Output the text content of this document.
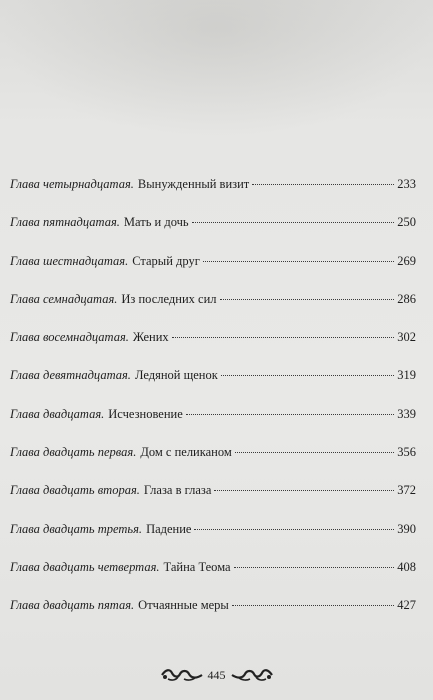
Глава четырнадцатая. Вынужденный визит	233
Глава пятнадцатая. Мать и дочь	250
Глава шестнадцатая. Старый друг	269
Глава семнадцатая. Из последних сил	286
Глава восемнадцатая. Жених	302
Глава девятнадцатая. Ледяной щенок	319
Глава двадцатая. Исчезновение	339
Глава двадцать первая. Дом с пеликаном	356
Глава двадцать вторая. Глаза в глаза	372
Глава двадцать третья. Падение	390
Глава двадцать четвертая. Тайна Теома	408
Глава двадцать пятая. Отчаянные меры	427
445
